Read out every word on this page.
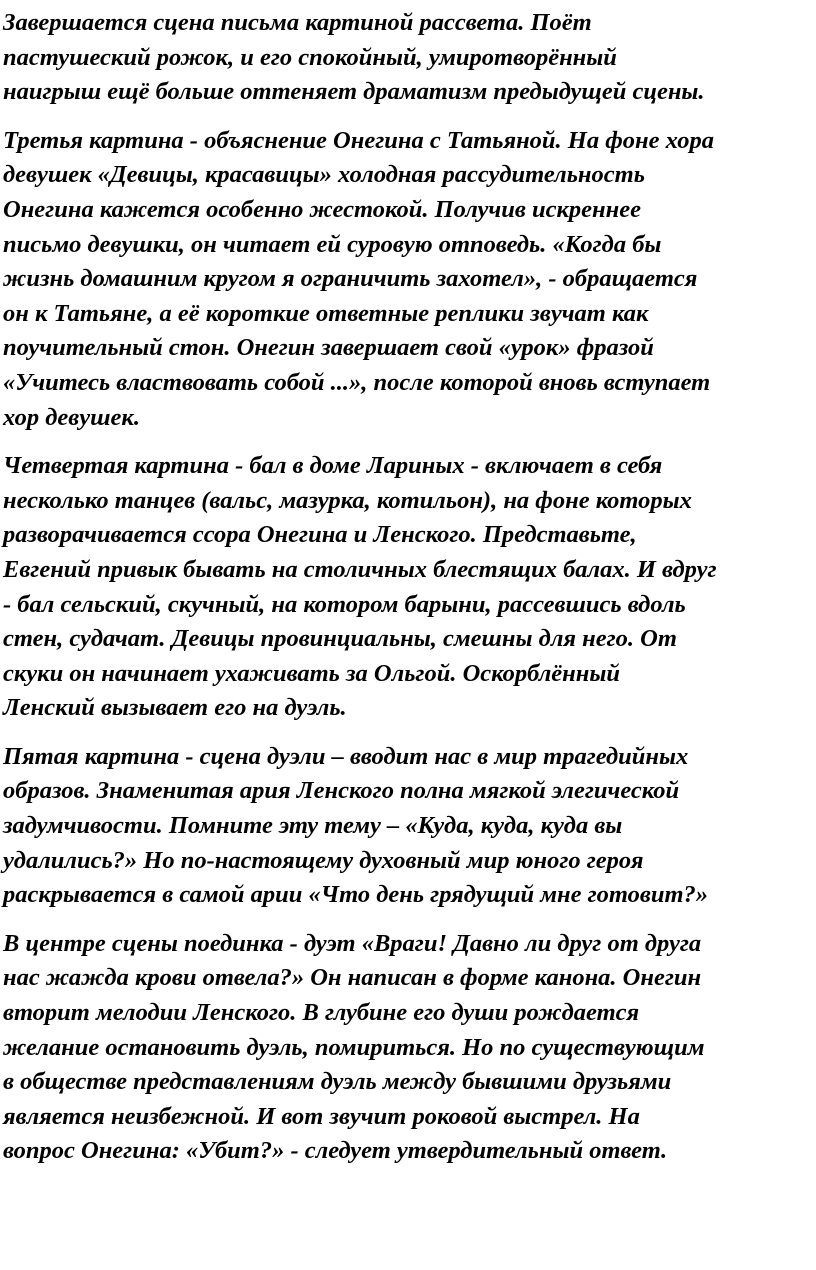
Завершается сцена письма картиной рассвета. Поёт
пастушеский рожок, и его спокойный, умиротворённый
наигрыш ещё больше оттеняет драматизм предыдущей сцены.
Третья картина - объяснение Онегина с Татьяной. На фоне хора
девушек «Девицы, красавицы» холодная рассудительность
Онегина кажется особенно жестокой. Получив искреннее
письмо девушки, он читает ей суровую отповедь. «Когда бы
жизнь домашним кругом я ограничить захотел», - обращается
он к Татьяне, а её короткие ответные реплики звучат как
поучительный стон. Онегин завершает свой «урок» фразой
«Учитесь властвовать собой ...», после которой вновь вступает
хор девушек.
Четвертая картина - бал в доме Лариных - включает в себя
несколько танцев (вальс, мазурка, котильон), на фоне которых
разворачивается ссора Онегина и Ленского. Представьте,
Евгений привык бывать на столичных блестящих балах. И вдруг
- бал сельский, скучный, на котором барыни, рассевшись вдоль
стен, судачат. Девицы провинциальны, смешны для него. От
скуки он начинает ухаживать за Ольгой. Оскорблённый
Ленский вызывает его на дуэль.
Пятая картина - сцена дуэли – вводит нас в мир трагедийных
образов. Знаменитая ария Ленского полна мягкой элегической
задумчивости. Помните эту тему – «Куда, куда, куда вы
удалились?» Но по-настоящему духовный мир юного героя
раскрывается в самой арии «Что день грядущий мне готовит?»
В центре сцены поединка - дуэт «Враги! Давно ли друг от друга
нас жажда крови отвела?» Он написан в форме канона. Онегин
вторит мелодии Ленского. В глубине его души рождается
желание остановить дуэль, помириться. Но по существующим
в обществе представлениям дуэль между бывшими друзьями
является неизбежной. И вот звучит роковой выстрел. На
вопрос Онегина: «Убит?» - следует утвердительный ответ.
